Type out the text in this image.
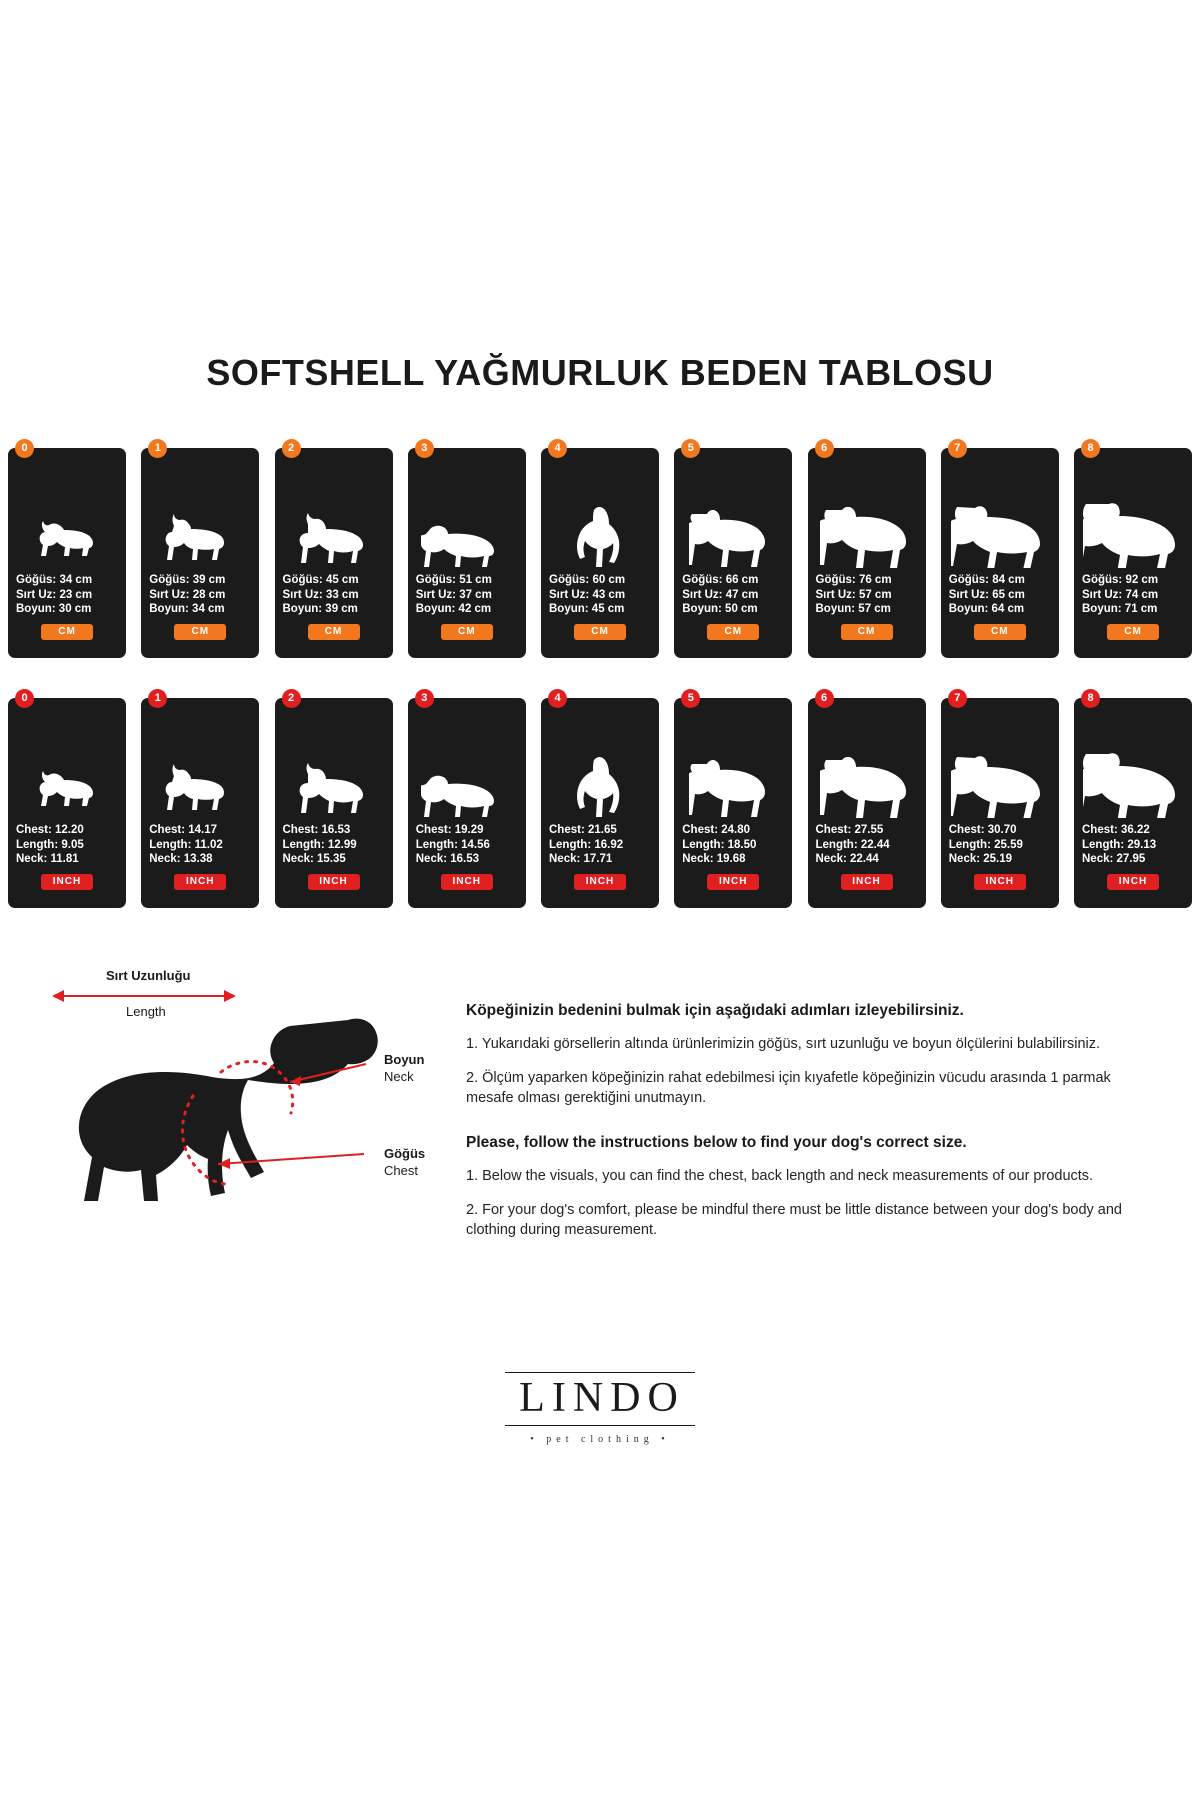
SOFTSHELL YAĞMURLUK BEDEN TABLOSU
0
Göğüs: 34 cm
Sırt Uz: 23 cm
Boyun: 30 cm
CM
1
Göğüs: 39 cm
Sırt Uz: 28 cm
Boyun: 34 cm
CM
2
Göğüs: 45 cm
Sırt Uz: 33 cm
Boyun: 39 cm
CM
3
Göğüs: 51 cm
Sırt Uz: 37 cm
Boyun: 42 cm
CM
4
Göğüs: 60 cm
Sırt Uz: 43 cm
Boyun: 45 cm
CM
5
Göğüs: 66 cm
Sırt Uz: 47 cm
Boyun: 50 cm
CM
6
Göğüs: 76 cm
Sırt Uz: 57 cm
Boyun: 57 cm
CM
7
Göğüs: 84 cm
Sırt Uz: 65 cm
Boyun: 64 cm
CM
8
Göğüs: 92 cm
Sırt Uz: 74 cm
Boyun: 71 cm
CM
0
Chest: 12.20
Length: 9.05
Neck: 11.81
INCH
1
Chest: 14.17
Length: 11.02
Neck: 13.38
INCH
2
Chest: 16.53
Length: 12.99
Neck: 15.35
INCH
3
Chest: 19.29
Length: 14.56
Neck: 16.53
INCH
4
Chest: 21.65
Length: 16.92
Neck: 17.71
INCH
5
Chest: 24.80
Length: 18.50
Neck: 19.68
INCH
6
Chest: 27.55
Length: 22.44
Neck: 22.44
INCH
7
Chest: 30.70
Length: 25.59
Neck: 25.19
INCH
8
Chest: 36.22
Length: 29.13
Neck: 27.95
INCH
Sırt Uzunluğu
Length
Boyun
Neck
Göğüs
Chest
Köpeğinizin bedenini bulmak için aşağıdaki adımları izleyebilirsiniz.

1. Yukarıdaki görsellerin altında ürünlerimizin göğüs, sırt uzunluğu ve boyun ölçülerini bulabilirsiniz.

2. Ölçüm yaparken köpeğinizin rahat edebilmesi için kıyafetle köpeğinizin vücudu arasında 1 parmak mesafe olması gerektiğini unutmayın.

Please, follow the instructions below to find your dog's correct size.

1. Below the visuals, you can find the chest, back length and neck measurements of our products.

2. For your dog's comfort, please be mindful there must be little distance between your dog's body and clothing during measurement.

LINDO
• pet clothing •
